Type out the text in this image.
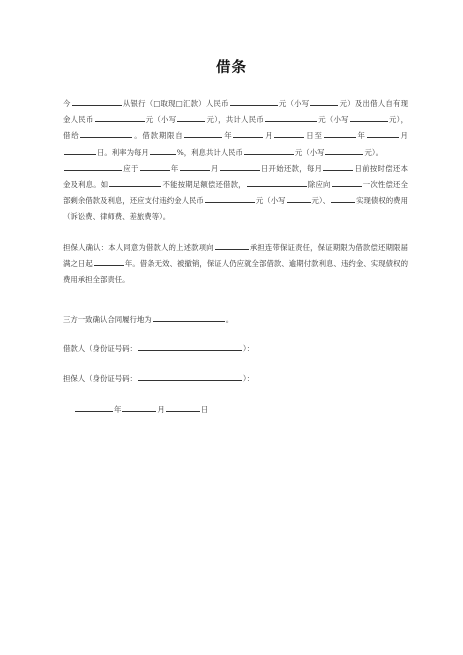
借条
今	从银行（□取现□汇款）人民币	元（小写	元）及出借人自有现金人民币	元（小写	元），共计人民币	元（小写	元），借给	。借款期限自	年	月	日至	年	月日。利率为每月	%，利息共计人民币	元（小写	元）。
应于	年	月	日开始还款，每月	日前按时偿还本金及利息。如	不能按期足额偿还借款，	除应向	一次性偿还全部剩余借款及利息，还应支付违约金人民币	元（小写	元）、	实现债权的费用（诉讼费、律师费、差旅费等）。
担保人确认：本人同意为借款人的上述款项向	承担连带保证责任，保证期限为借款偿还期限届满之日起	年。借条无效、被撤销，保证人仍应就全部借款、逾期付款利息、违约金、实现债权的费用承担全部责任。
三方一致确认合同履行地为	。
借款人（身份证号码：	）：
担保人（身份证号码：	）：
年	月	日
